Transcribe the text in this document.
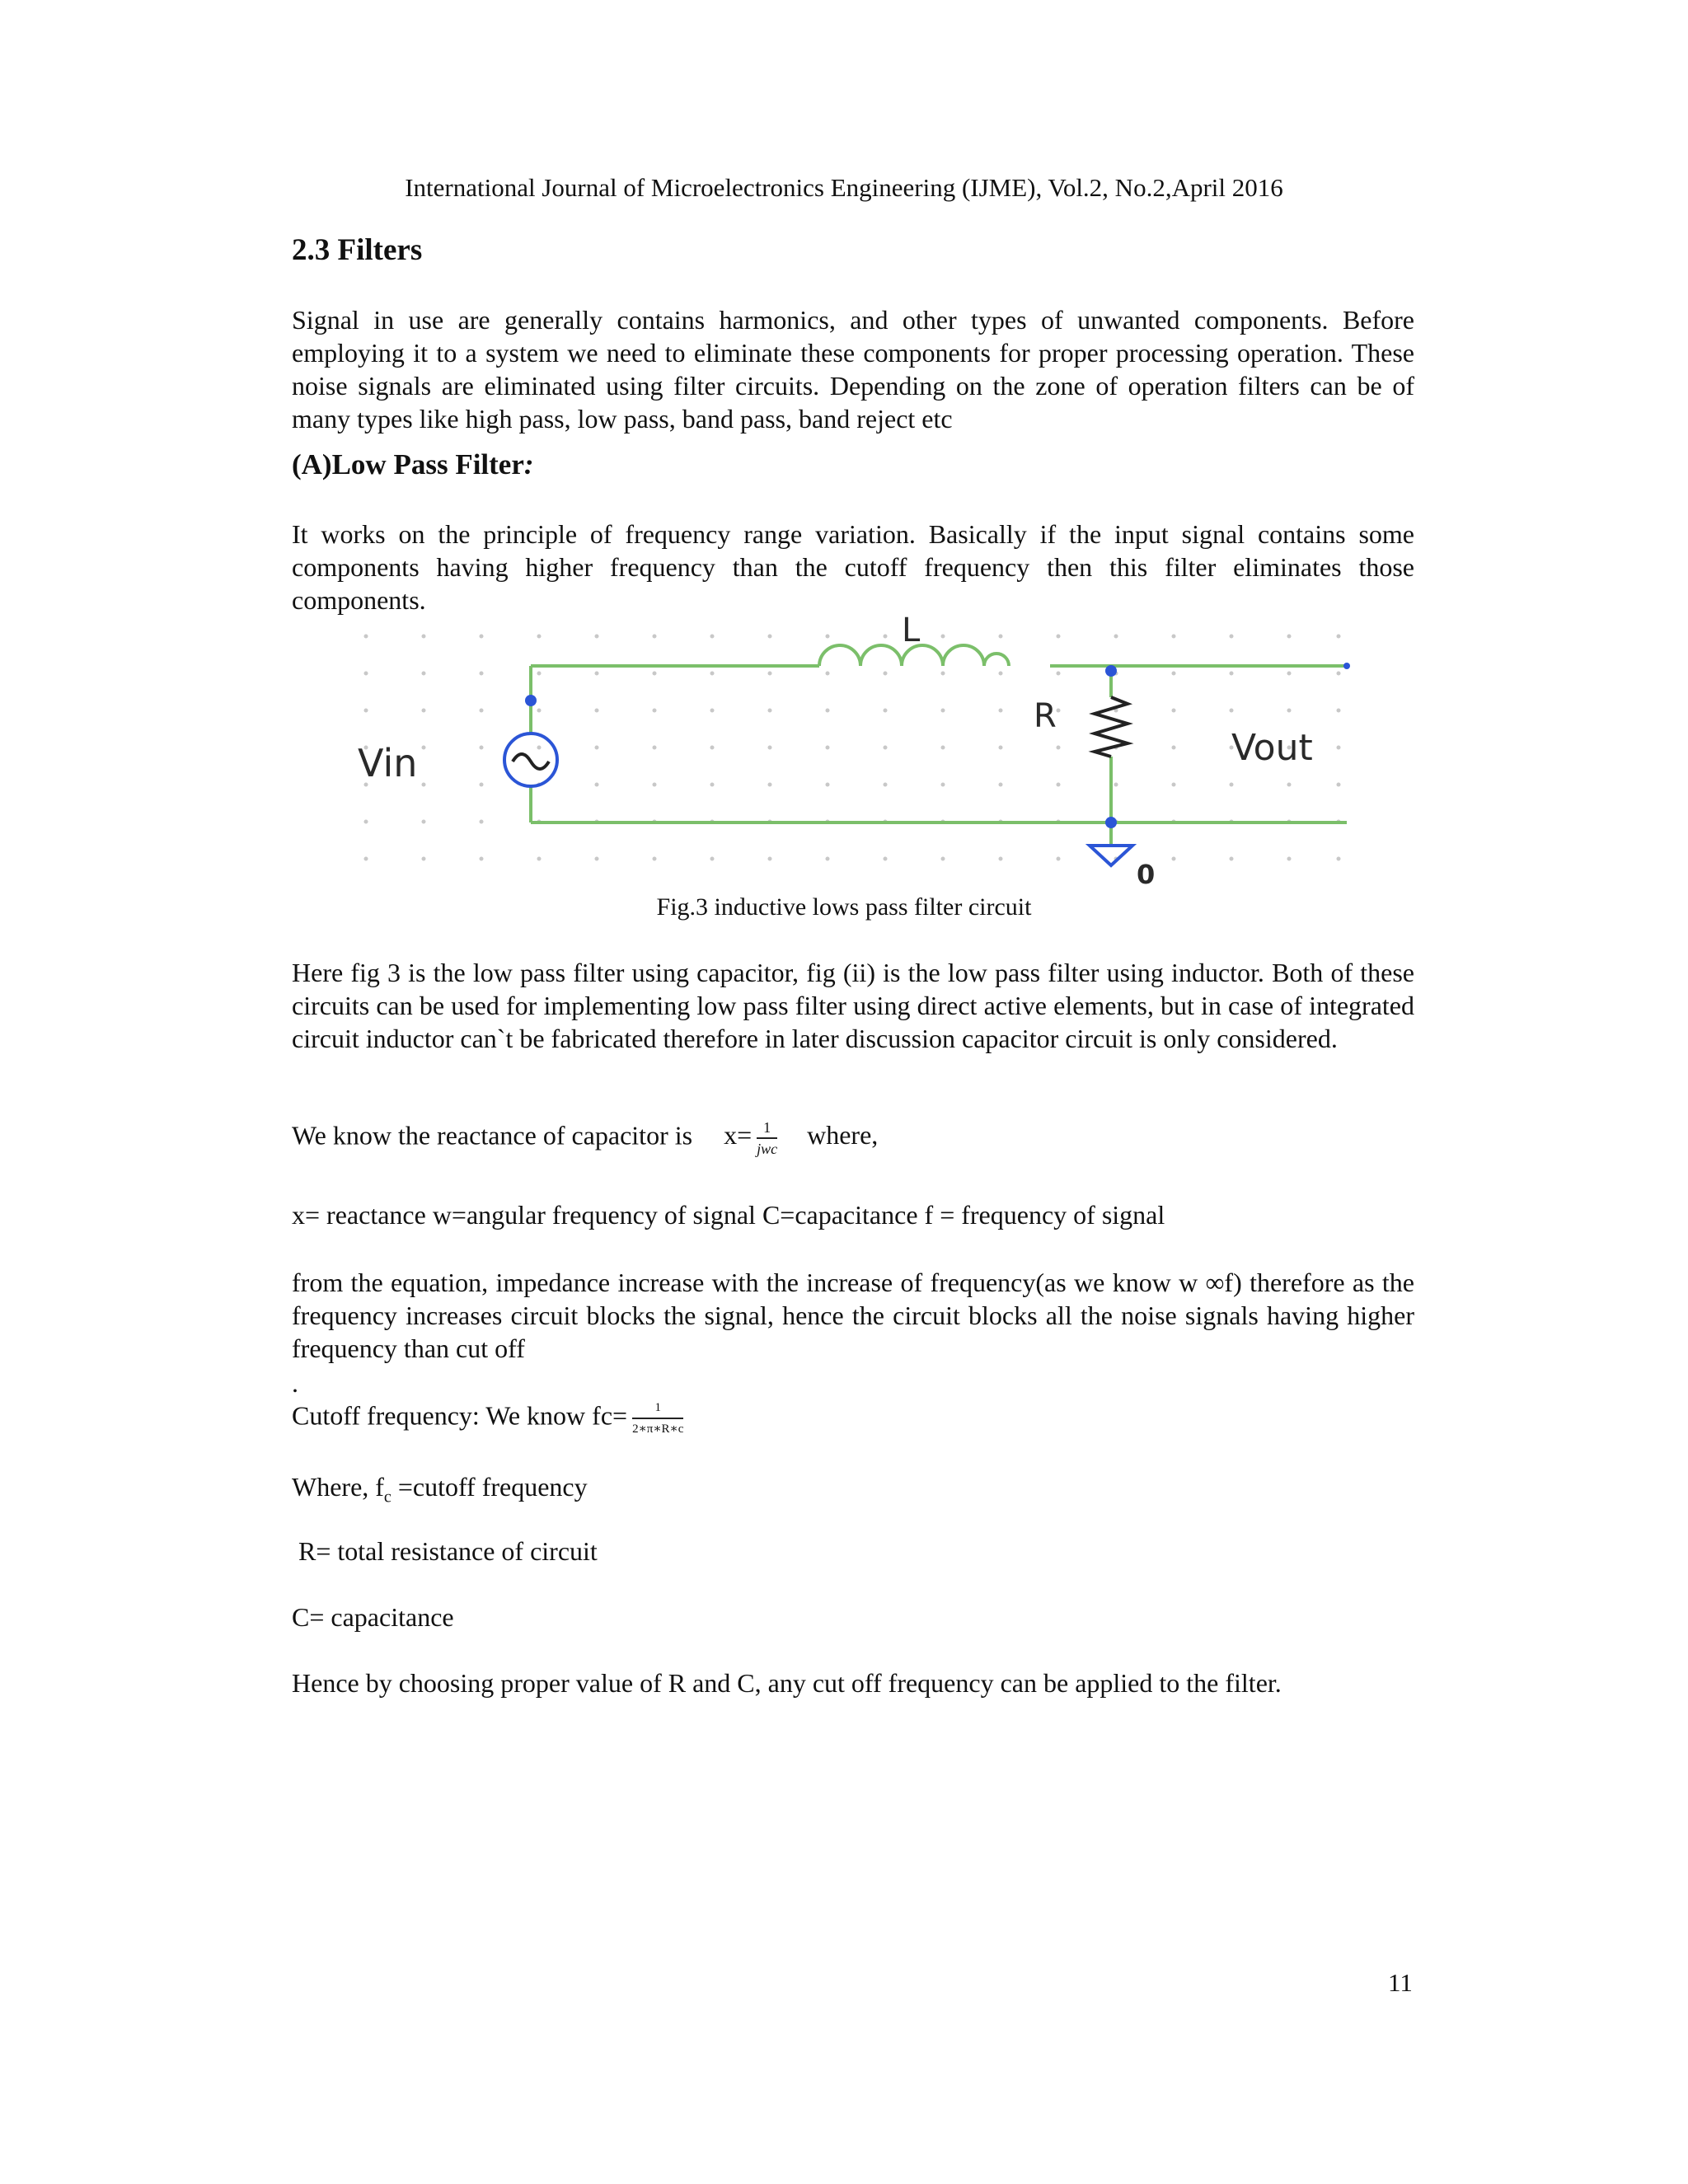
International Journal of Microelectronics Engineering (IJME), Vol.2, No.2,April 2016
2.3 Filters
Signal in use are generally contains harmonics, and other types of unwanted components. Before employing it to a system we need to eliminate these components for proper processing operation. These noise signals are eliminated using filter circuits. Depending on the zone of operation filters can be of many types like high pass, low pass, band pass, band reject etc
(A)Low Pass Filter:
It works on the principle of frequency range variation. Basically if the input signal contains some components having higher frequency than the cutoff frequency then this filter eliminates those components.
L
R
Vin	Vout
0
Fig.3 inductive lows pass filter circuit
Here fig 3 is the low pass filter using capacitor, fig (ii) is the low pass filter using inductor. Both of these circuits can be used for implementing low pass filter using direct active elements, but in case of integrated circuit inductor can`t be fabricated therefore in later discussion capacitor circuit is only considered.
We know the reactance of capacitor is $x= \frac{1}{\text{jwc}}$ where,
x= reactance w=angular frequency of signal C=capacitance f = frequency of signal
from the equation, impedance increase with the increase of frequency(as we know w ∞f) therefore as the frequency increases circuit blocks the signal, hence the circuit blocks all the noise signals having higher frequency than cut off
.
Cutoff frequency: We know $fc= \frac{1}{2∗\pi∗R∗c}$
Where, $f_c$ =cutoff frequency
R= total resistance of circuit
C= capacitance
Hence by choosing proper value of R and C, any cut off frequency can be applied to the filter.
11
